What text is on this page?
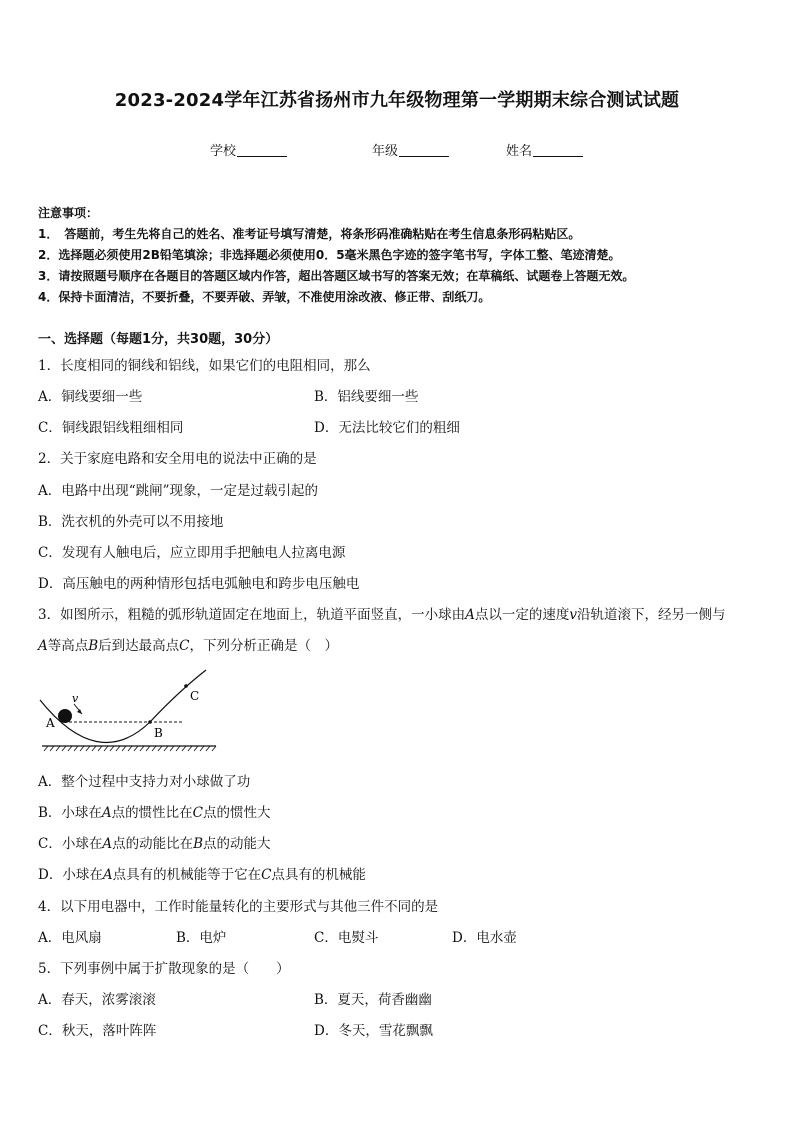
2023-2024学年江苏省扬州市九年级物理第一学期期末综合测试试题
学校	年级	姓名
注意事项：
1．　答题前，考生先将自己的姓名、准考证号填写清楚，将条形码准确粘贴在考生信息条形码粘贴区。
2．选择题必须使用2B铅笔填涂；非选择题必须使用0．5毫米黑色字迹的签字笔书写，字体工整、笔迹清楚。
3．请按照题号顺序在各题目的答题区域内作答，超出答题区域书写的答案无效；在草稿纸、试题卷上答题无效。
4．保持卡面清洁，不要折叠，不要弄破、弄皱，不准使用涂改液、修正带、刮纸刀。
一、选择题（每题1分，共30题，30分）
1．长度相同的铜线和铝线，如果它们的电阻相同，那么
A．铜线要细一些	B．铝线要细一些
C．铜线跟铝线粗细相同	D．无法比较它们的粗细
2．关于家庭电路和安全用电的说法中正确的是
A．电路中出现“跳闸”现象，一定是过载引起的
B．洗衣机的外壳可以不用接地
C．发现有人触电后，应立即用手把触电人拉离电源
D．高压触电的两种情形包括电弧触电和跨步电压触电
3．如图所示，粗糙的弧形轨道固定在地面上，轨道平面竖直，一小球由A点以一定的速度v沿轨道滚下，经另一侧与
A等高点B后到达最高点C，下列分析正确是（　）
A
B
C
v
A．整个过程中支持力对小球做了功
B．小球在A点的惯性比在C点的惯性大
C．小球在A点的动能比在B点的动能大
D．小球在A点具有的机械能等于它在C点具有的机械能
4．以下用电器中，工作时能量转化的主要形式与其他三件不同的是
A．电风扇	B．电炉	C．电熨斗	D．电水壶
5．下列事例中属于扩散现象的是（　　）
A．春天，浓雾滚滚	B．夏天，荷香幽幽
C．秋天，落叶阵阵	D．冬天，雪花飘飘
